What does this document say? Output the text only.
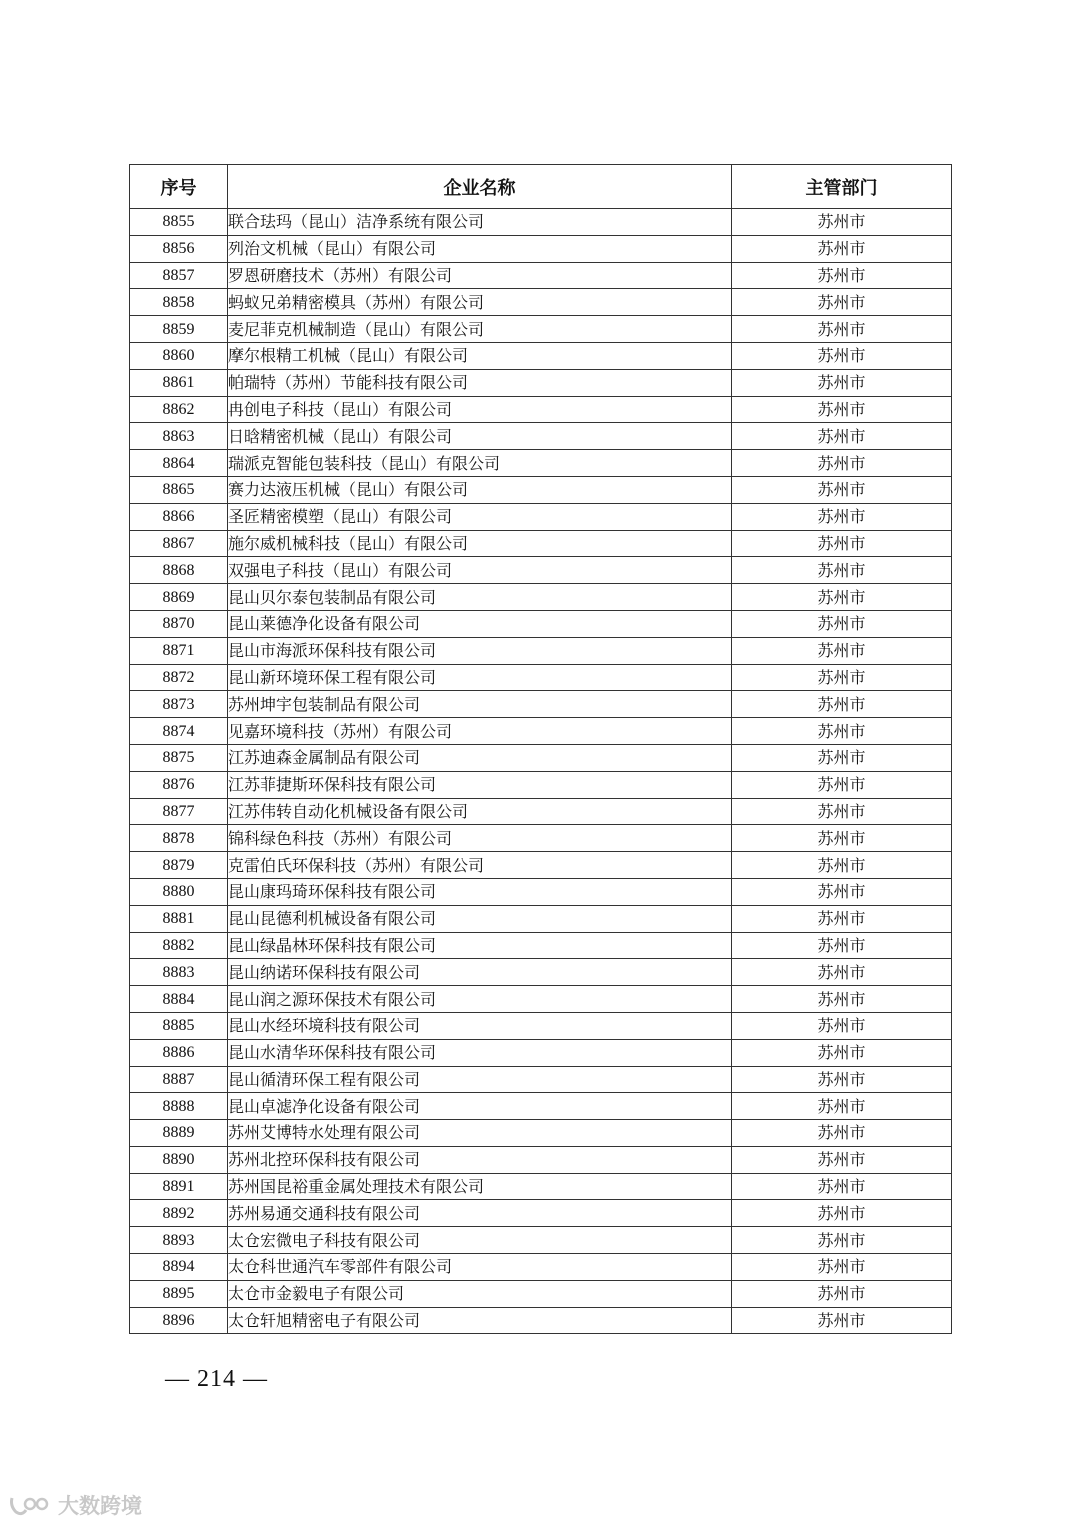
序号	企业名称	主管部门
8855	联合珐玛（昆山）洁净系统有限公司	苏州市
8856	列治文机械（昆山）有限公司	苏州市
8857	罗恩研磨技术（苏州）有限公司	苏州市
8858	蚂蚁兄弟精密模具（苏州）有限公司	苏州市
8859	麦尼菲克机械制造（昆山）有限公司	苏州市
8860	摩尔根精工机械（昆山）有限公司	苏州市
8861	帕瑞特（苏州）节能科技有限公司	苏州市
8862	冉创电子科技（昆山）有限公司	苏州市
8863	日晗精密机械（昆山）有限公司	苏州市
8864	瑞派克智能包装科技（昆山）有限公司	苏州市
8865	赛力达液压机械（昆山）有限公司	苏州市
8866	圣匠精密模塑（昆山）有限公司	苏州市
8867	施尔威机械科技（昆山）有限公司	苏州市
8868	双强电子科技（昆山）有限公司	苏州市
8869	昆山贝尔泰包装制品有限公司	苏州市
8870	昆山莱德净化设备有限公司	苏州市
8871	昆山市海派环保科技有限公司	苏州市
8872	昆山新环境环保工程有限公司	苏州市
8873	苏州坤宇包装制品有限公司	苏州市
8874	见嘉环境科技（苏州）有限公司	苏州市
8875	江苏迪森金属制品有限公司	苏州市
8876	江苏菲捷斯环保科技有限公司	苏州市
8877	江苏伟转自动化机械设备有限公司	苏州市
8878	锦科绿色科技（苏州）有限公司	苏州市
8879	克雷伯氏环保科技（苏州）有限公司	苏州市
8880	昆山康玛琦环保科技有限公司	苏州市
8881	昆山昆德利机械设备有限公司	苏州市
8882	昆山绿晶林环保科技有限公司	苏州市
8883	昆山纳诺环保科技有限公司	苏州市
8884	昆山润之源环保技术有限公司	苏州市
8885	昆山水经环境科技有限公司	苏州市
8886	昆山水清华环保科技有限公司	苏州市
8887	昆山循清环保工程有限公司	苏州市
8888	昆山卓滤净化设备有限公司	苏州市
8889	苏州艾博特水处理有限公司	苏州市
8890	苏州北控环保科技有限公司	苏州市
8891	苏州国昆裕重金属处理技术有限公司	苏州市
8892	苏州易通交通科技有限公司	苏州市
8893	太仓宏微电子科技有限公司	苏州市
8894	太仓科世通汽车零部件有限公司	苏州市
8895	太仓市金毅电子有限公司	苏州市
8896	太仓轩旭精密电子有限公司	苏州市
— 214 —
大数跨境
